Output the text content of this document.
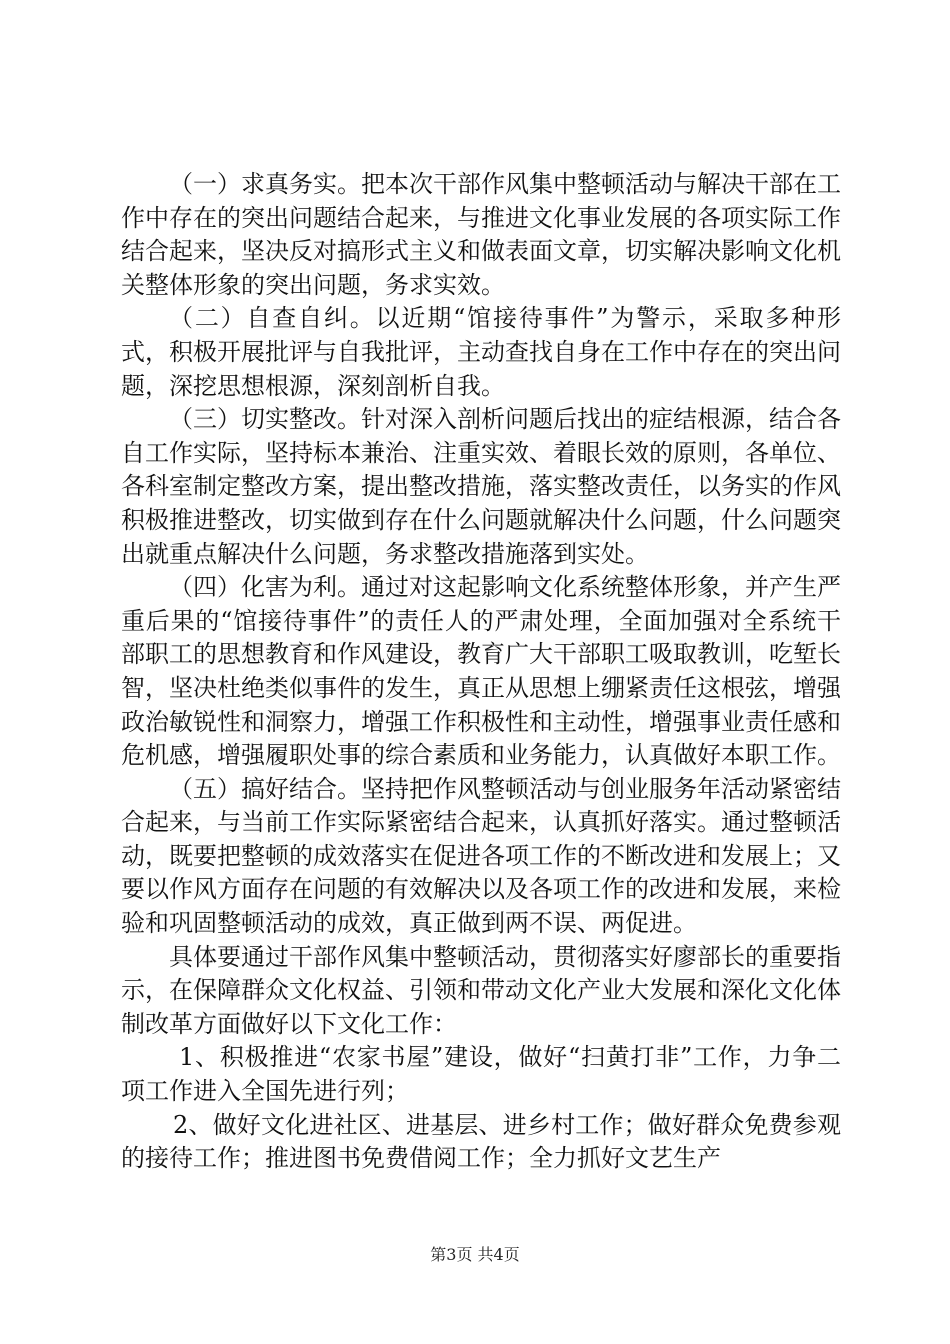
（一）求真务实。把本次干部作风集中整顿活动与解决干部在工作中存在的突出问题结合起来，与推进文化事业发展的各项实际工作结合起来，坚决反对搞形式主义和做表面文章，切实解决影响文化机关整体形象的突出问题，务求实效。

（二）自查自纠。以近期“馆接待事件”为警示，采取多种形式，积极开展批评与自我批评，主动查找自身在工作中存在的突出问题，深挖思想根源，深刻剖析自我。

（三）切实整改。针对深入剖析问题后找出的症结根源，结合各自工作实际，坚持标本兼治、注重实效、着眼长效的原则，各单位、各科室制定整改方案，提出整改措施，落实整改责任，以务实的作风积极推进整改，切实做到存在什么问题就解决什么问题，什么问题突出就重点解决什么问题，务求整改措施落到实处。

（四）化害为利。通过对这起影响文化系统整体形象，并产生严重后果的“馆接待事件”的责任人的严肃处理，全面加强对全系统干部职工的思想教育和作风建设，教育广大干部职工吸取教训，吃堑长智，坚决杜绝类似事件的发生，真正从思想上绷紧责任这根弦，增强政治敏锐性和洞察力，增强工作积极性和主动性，增强事业责任感和危机感，增强履职处事的综合素质和业务能力，认真做好本职工作。

（五）搞好结合。坚持把作风整顿活动与创业服务年活动紧密结合起来，与当前工作实际紧密结合起来，认真抓好落实。通过整顿活动，既要把整顿的成效落实在促进各项工作的不断改进和发展上；又要以作风方面存在问题的有效解决以及各项工作的改进和发展，来检验和巩固整顿活动的成效，真正做到两不误、两促进。

具体要通过干部作风集中整顿活动，贯彻落实好廖部长的重要指示，在保障群众文化权益、引领和带动文化产业大发展和深化文化体制改革方面做好以下文化工作：

1、积极推进“农家书屋”建设，做好“扫黄打非”工作，力争二项工作进入全国先进行列；

2、做好文化进社区、进基层、进乡村工作；做好群众免费参观的接待工作；推进图书免费借阅工作；全力抓好文艺生产

第3页 共4页
